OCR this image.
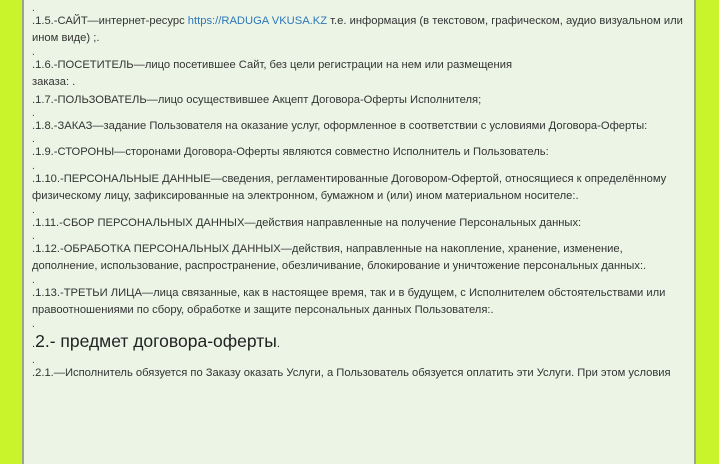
.

.1.5.-САЙТ—интернет-ресурс https://RADUGA VKUSA.KZ т.е. информация (в текстовом, графическом, аудио визуальном или ином виде) ;.

.

.1.6.-ПОСЕТИТЕЛЬ—лицо посетившее Сайт, без цели регистрации на нем или размещения

заказа: .

.1.7.-ПОЛЬЗОВАТЕЛЬ—лицо осуществившее Акцепт Договора-Оферты Исполнителя;

.

.1.8.-ЗАКАЗ—задание Пользователя на оказание услуг, оформленное в соответствии с условиями Договора-Оферты:

.

.1.9.-СТОРОНЫ—сторонами Договора-Оферты являются совместно Исполнитель и Пользователь:

.

.1.10.-ПЕРСОНАЛЬНЫЕ ДАННЫЕ—сведения, регламентированные Договором-Офертой, относящиеся к определённому физическому лицу, зафиксированные на электронном, бумажном и (или) ином материальном носителе:.

.

.1.11.-СБОР ПЕРСОНАЛЬНЫХ ДАННЫХ—действия направленные на получение Персональных данных:

.

.1.12.-ОБРАБОТКА ПЕРСОНАЛЬНЫХ ДАННЫХ—действия, направленные на накопление, хранение, изменение, дополнение, использование, распространение, обезличивание, блокирование и уничтожение персональных данных:.

.

.1.13.-ТРЕТЬИ ЛИЦА—лица связанные, как в настоящее время, так и в будущем, с Исполнителем обстоятельствами или правоотношениями по сбору, обработке и защите персональных данных Пользователя:.

.

.2.- предмет договора-оферты.

.

.2.1.—Исполнитель обязуется по Заказу оказать Услуги, а Пользователь обязуется оплатить эти Услуги. При этом условия
